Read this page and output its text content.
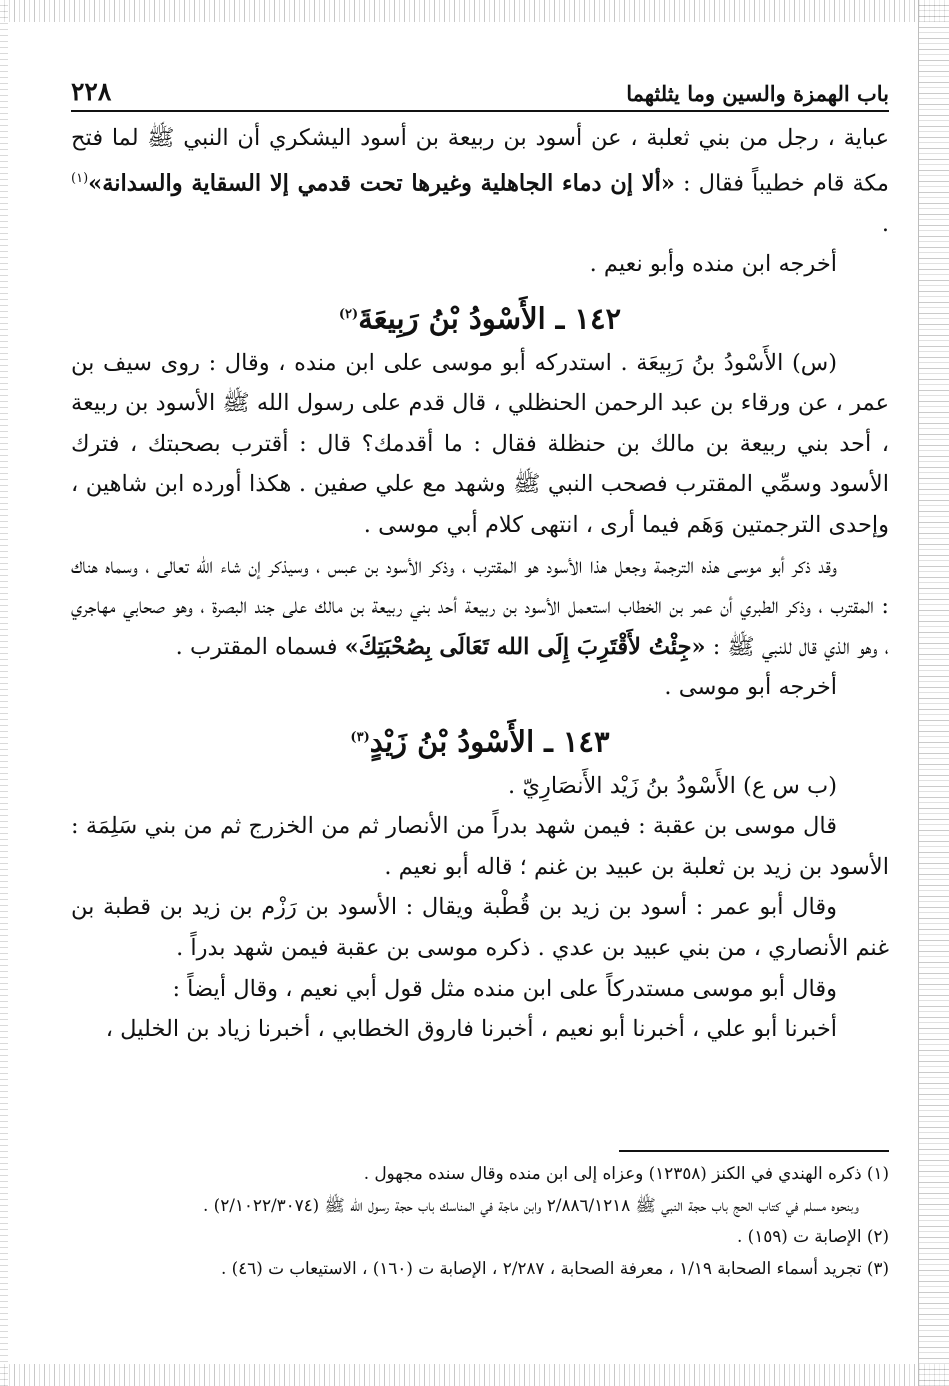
باب الهمزة والسين وما يثلثهما
٢٢٨

عباية ، رجل من بني ثعلبة ، عن أسود بن ربيعة بن أسود اليشكري أن النبي ﷺ لما فتح مكة قام خطيباً فقال : «ألا إن دماء الجاهلية وغيرها تحت قدمي إلا السقاية والسدانة»$^{(١)}$ .

أخرجه ابن منده وأبو نعيم .

١٤٢ ـ الأَسْودُ بْنُ رَبِيعَةَ$^{(٢)}$

(س) الأَسْودُ بنُ رَبِيعَة . استدركه أبو موسى على ابن منده ، وقال : روى سيف بن عمر ، عن ورقاء بن عبد الرحمن الحنظلي ، قال قدم على رسول الله ﷺ الأسود بن ربيعة ، أحد بني ربيعة بن مالك بن حنظلة فقال : ما أقدمك؟ قال : أقترب بصحبتك ، فترك الأسود وسمِّي المقترب فصحب النبي ﷺ وشهد مع علي صفين . هكذا أورده ابن شاهين ، وإحدى الترجمتين وَهَم فيما أرى ، انتهى كلام أبي موسى .

وقد ذكر أبو موسى هذه الترجمة وجعل هذا الأسود هو المقترب ، وذكر الأسود بن عبس ، وسيذكر إن شاء الله تعالى ، وسماه هناك : المقترب ، وذكر الطبري أن عمر بن الخطاب استعمل الأسود بن ربيعة أحد بني ربيعة بن مالك على جند البصرة ، وهو صحابي مهاجري ، وهو الذي قال للنبي ﷺ : «جِئْتُ لأَقْتَرِبَ إِلَى الله تَعَالَى بِصُحْبَتِكَ» فسماه المقترب .

أخرجه أبو موسى .

١٤٣ ـ الأَسْودُ بْنُ زَيْدٍ$^{(٣)}$

(ب س ع) الأَسْودُ بنُ زَيْد الأَنصَارِيّ .

قال موسى بن عقبة : فيمن شهد بدراً من الأنصار ثم من الخزرج ثم من بني سَلِمَة : الأسود بن زيد بن ثعلبة بن عبيد بن غنم ؛ قاله أبو نعيم .

وقال أبو عمر : أسود بن زيد بن قُطْبة ويقال : الأسود بن رَزْم بن زيد بن قطبة بن غنم الأنصاري ، من بني عبيد بن عدي . ذكره موسى بن عقبة فيمن شهد بدراً .

وقال أبو موسى مستدركاً على ابن منده مثل قول أبي نعيم ، وقال أيضاً :

أخبرنا أبو علي ، أخبرنا أبو نعيم ، أخبرنا فاروق الخطابي ، أخبرنا زياد بن الخليل ،

(١) ذكره الهندي في الكنز (١٢٣٥٨) وعزاه إلى ابن منده وقال سنده مجهول .

وبنحوه مسلم في كتاب الحج باب حجة النبي ﷺ ٢/٨٨٦/١٢١٨ وابن ماجة في المناسك باب حجة رسول الله ﷺ (٢/١٠٢٢/٣٠٧٤) .

(٢) الإصابة ت (١٥٩) .

(٣) تجريد أسماء الصحابة ١/١٩ ، معرفة الصحابة ، ٢/٢٨٧ ، الإصابة ت (١٦٠) ، الاستيعاب ت (٤٦) .
